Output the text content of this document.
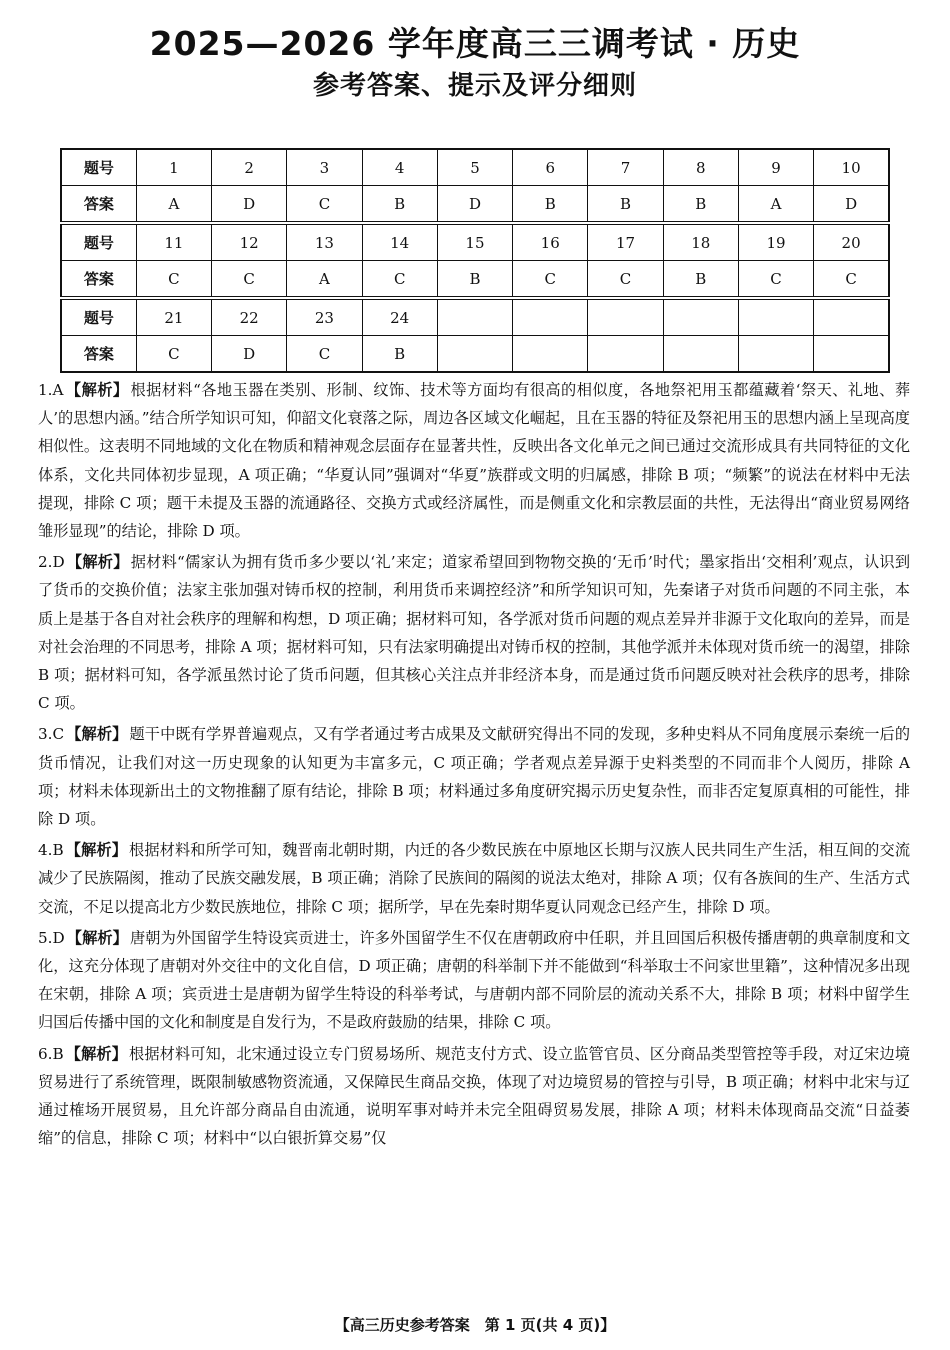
2025—2026 学年度高三三调考试 · 历史
参考答案、提示及评分细则
题号	1	2	3	4	5	6	7	8	9	10
答案	A	D	C	B	D	B	B	B	A	D
题号	11	12	13	14	15	16	17	18	19	20
答案	C	C	A	C	B	C	C	B	C	C
题号	21	22	23	24						
答案	C	D	C	B						

1.A 【解析】 根据材料“各地玉器在类别、形制、纹饰、技术等方面均有很高的相似度，各地祭祀用玉都蕴藏着‘祭天、礼地、葬人’的思想内涵。”结合所学知识可知，仰韶文化衰落之际，周边各区域文化崛起，且在玉器的特征及祭祀用玉的思想内涵上呈现高度相似性。这表明不同地域的文化在物质和精神观念层面存在显著共性，反映出各文化单元之间已通过交流形成具有共同特征的文化体系，文化共同体初步显现，A 项正确；“华夏认同”强调对“华夏”族群或文明的归属感，排除 B 项；“频繁”的说法在材料中无法提现，排除 C 项；题干未提及玉器的流通路径、交换方式或经济属性，而是侧重文化和宗教层面的共性，无法得出“商业贸易网络雏形显现”的结论，排除 D 项。

2.D 【解析】 据材料“儒家认为拥有货币多少要以‘礼’来定；道家希望回到物物交换的‘无币’时代；墨家指出‘交相利’观点，认识到了货币的交换价值；法家主张加强对铸币权的控制，利用货币来调控经济”和所学知识可知，先秦诸子对货币问题的不同主张，本质上是基于各自对社会秩序的理解和构想，D 项正确；据材料可知，各学派对货币问题的观点差异并非源于文化取向的差异，而是对社会治理的不同思考，排除 A 项；据材料可知，只有法家明确提出对铸币权的控制，其他学派并未体现对货币统一的渴望，排除 B 项；据材料可知，各学派虽然讨论了货币问题，但其核心关注点并非经济本身，而是通过货币问题反映对社会秩序的思考，排除 C 项。

3.C 【解析】 题干中既有学界普遍观点，又有学者通过考古成果及文献研究得出不同的发现，多种史料从不同角度展示秦统一后的货币情况，让我们对这一历史现象的认知更为丰富多元，C 项正确；学者观点差异源于史料类型的不同而非个人阅历，排除 A 项；材料未体现新出土的文物推翻了原有结论，排除 B 项；材料通过多角度研究揭示历史复杂性，而非否定复原真相的可能性，排除 D 项。

4.B 【解析】 根据材料和所学可知，魏晋南北朝时期，内迁的各少数民族在中原地区长期与汉族人民共同生产生活，相互间的交流减少了民族隔阂，推动了民族交融发展，B 项正确；消除了民族间的隔阂的说法太绝对，排除 A 项；仅有各族间的生产、生活方式交流，不足以提高北方少数民族地位，排除 C 项；据所学，早在先秦时期华夏认同观念已经产生，排除 D 项。

5.D 【解析】 唐朝为外国留学生特设宾贡进士，许多外国留学生不仅在唐朝政府中任职，并且回国后积极传播唐朝的典章制度和文化，这充分体现了唐朝对外交往中的文化自信，D 项正确；唐朝的科举制下并不能做到“科举取士不问家世里籍”，这种情况多出现在宋朝，排除 A 项；宾贡进士是唐朝为留学生特设的科举考试，与唐朝内部不同阶层的流动关系不大，排除 B 项；材料中留学生归国后传播中国的文化和制度是自发行为，不是政府鼓励的结果，排除 C 项。

6.B 【解析】 根据材料可知，北宋通过设立专门贸易场所、规范支付方式、设立监管官员、区分商品类型管控等手段，对辽宋边境贸易进行了系统管理，既限制敏感物资流通，又保障民生商品交换，体现了对边境贸易的管控与引导，B 项正确；材料中北宋与辽通过榷场开展贸易，且允许部分商品自由流通，说明军事对峙并未完全阻碍贸易发展，排除 A 项；材料未体现商品交流“日益萎缩”的信息，排除 C 项；材料中“以白银折算交易”仅

【高三历史参考答案　第 1 页(共 4 页)】
